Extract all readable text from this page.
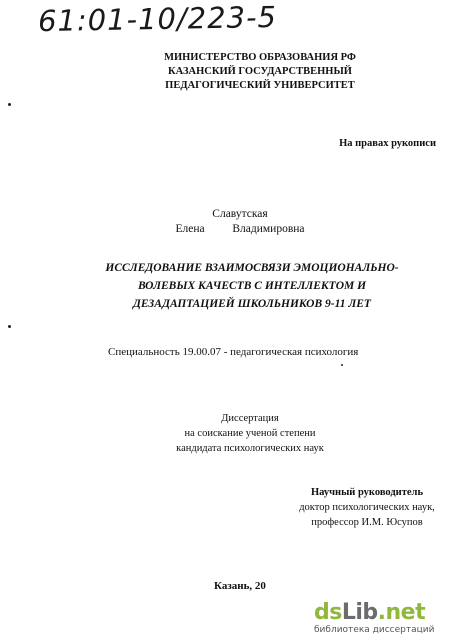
61:01-10/223-5
МИНИСТЕРСТВО ОБРАЗОВАНИЯ РФ
КАЗАНСКИЙ ГОСУДАРСТВЕННЫЙ
ПЕДАГОГИЧЕСКИЙ УНИВЕРСИТЕТ
На правах рукописи
Славутская
Елена Владимировна
ИССЛЕДОВАНИЕ ВЗАИМОСВЯЗИ ЭМОЦИОНАЛЬНО-
ВОЛЕВЫХ КАЧЕСТВ С ИНТЕЛЛЕКТОМ И
ДЕЗАДАПТАЦИЕЙ ШКОЛЬНИКОВ 9-11 ЛЕТ
Специальность 19.00.07 - педагогическая психология
Диссертация
на соискание ученой степени
кандидата психологических наук
Научный руководитель
доктор психологических наук,
профессор И.М. Юсупов
Казань, 20
dsLib.net
библиотека диссертаций
